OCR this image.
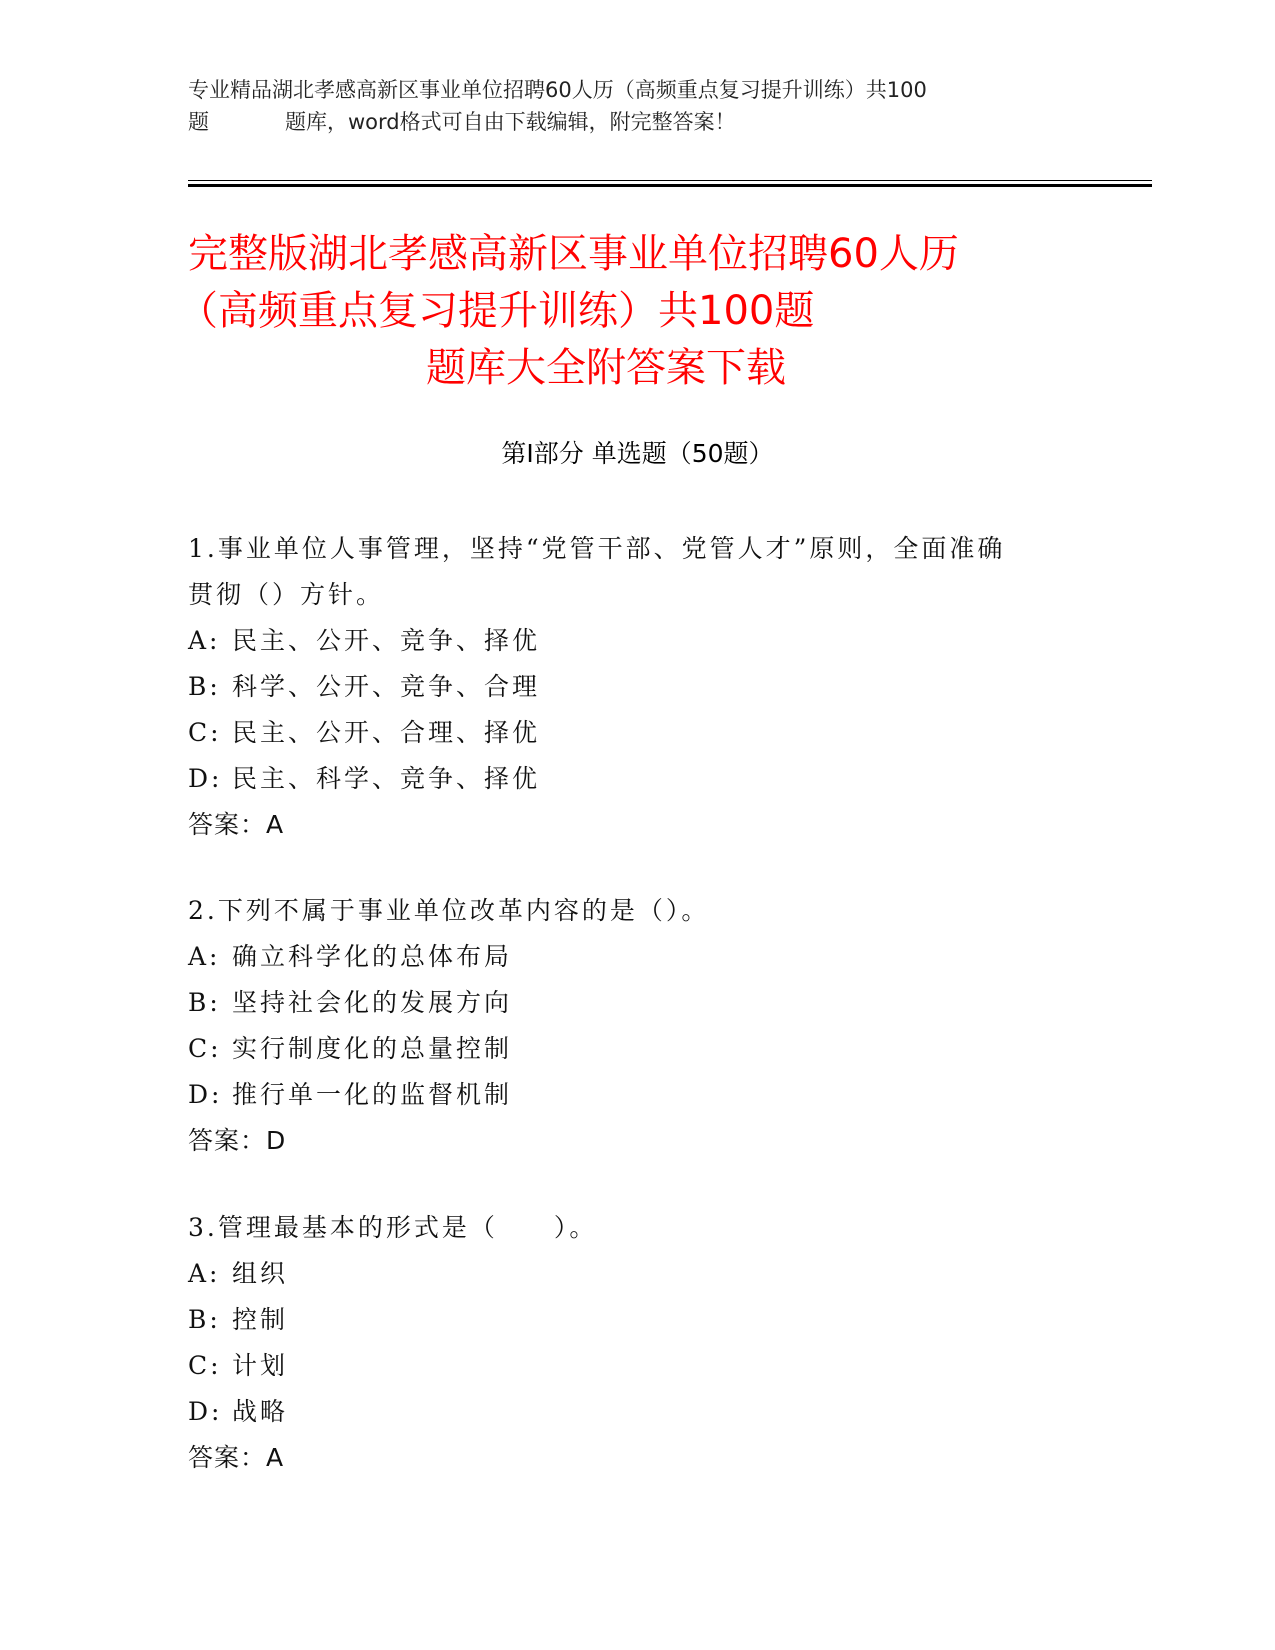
专业精品湖北孝感高新区事业单位招聘60人历（高频重点复习提升训练）共100
题	题库，word格式可自由下载编辑，附完整答案！
完整版湖北孝感高新区事业单位招聘60人历
（高频重点复习提升训练）共100题
题库大全附答案下载
第Ⅰ部分 单选题（50题）
1.事业单位人事管理，坚持“党管干部、党管人才”原则，全面准确
贯彻（）方针。
A: 民主、公开、竞争、择优
B: 科学、公开、竞争、合理
C: 民主、公开、合理、择优
D: 民主、科学、竞争、择优
答案：A
2.下列不属于事业单位改革内容的是（）。
A: 确立科学化的总体布局
B: 坚持社会化的发展方向
C: 实行制度化的总量控制
D: 推行单一化的监督机制
答案：D
3.管理最基本的形式是（　　）。
A: 组织
B: 控制
C: 计划
D: 战略
答案：A
